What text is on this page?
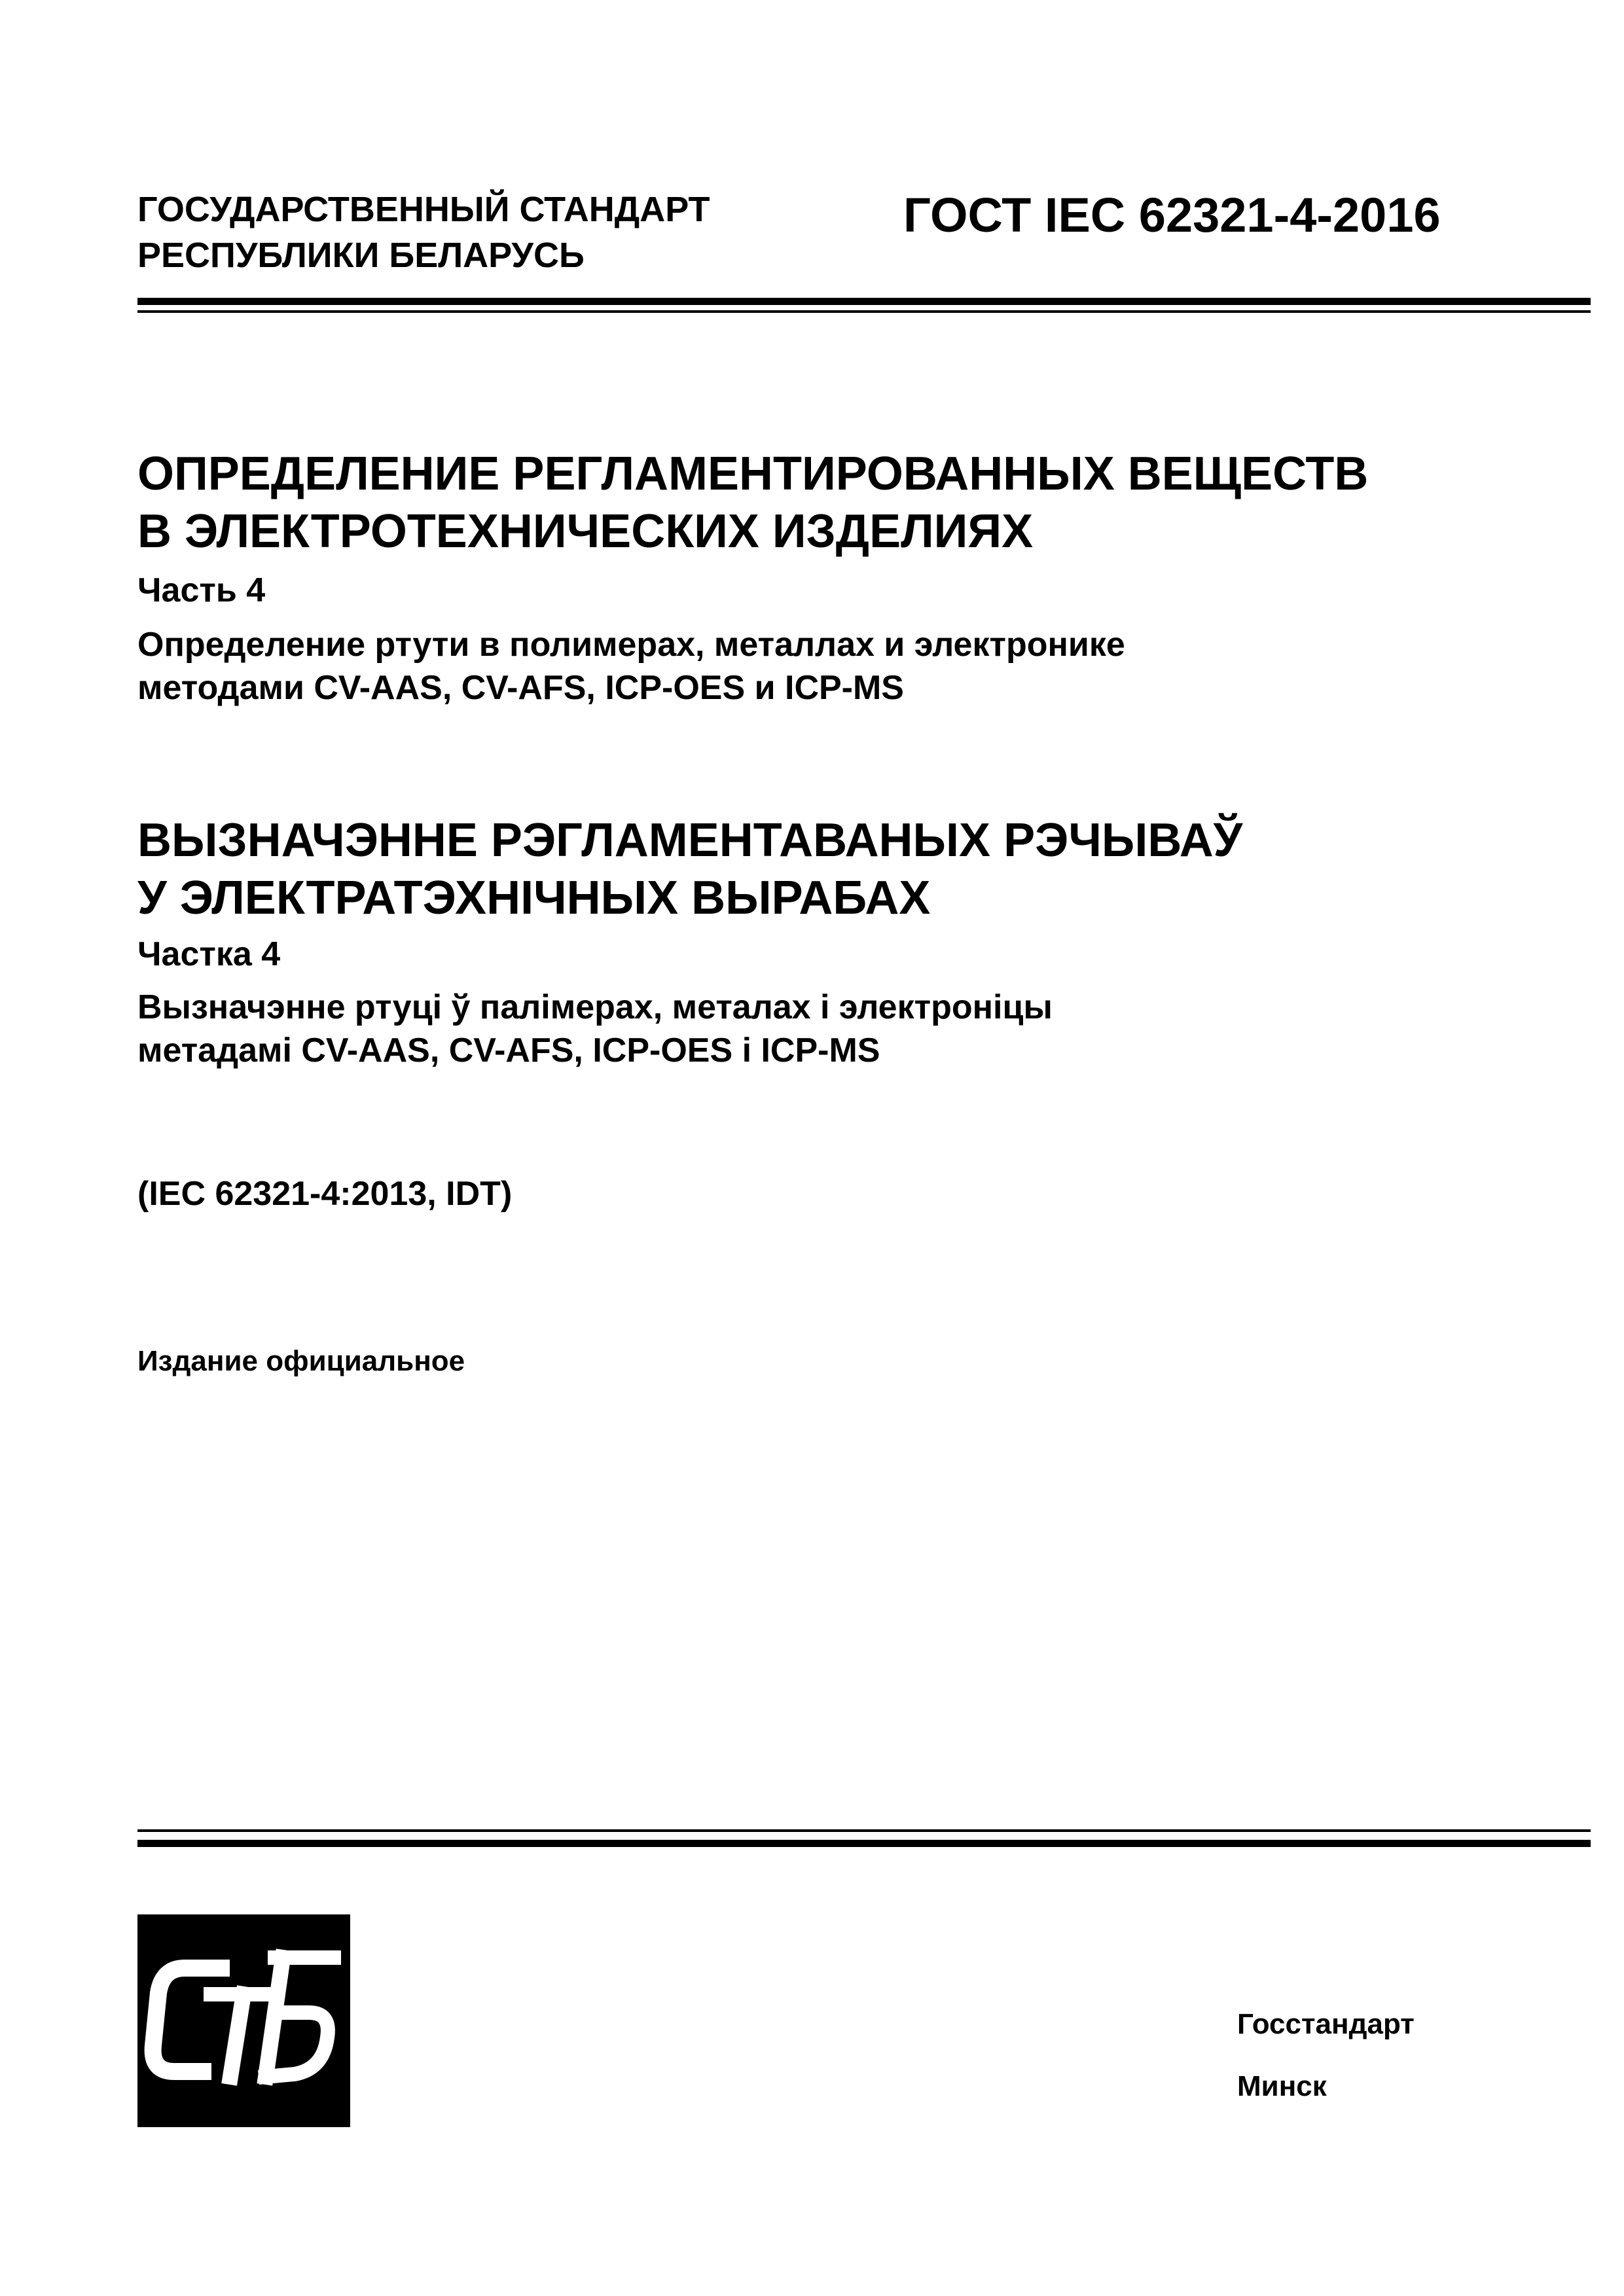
ГОСУДАРСТВЕННЫЙ СТАНДАРТ
РЕСПУБЛИКИ БЕЛАРУСЬ
ГОСТ IEC 62321-4-2016
ОПРЕДЕЛЕНИЕ РЕГЛАМЕНТИРОВАННЫХ ВЕЩЕСТВ
В ЭЛЕКТРОТЕХНИЧЕСКИХ ИЗДЕЛИЯХ
Часть 4
Определение ртути в полимерах, металлах и электронике
методами CV-AAS, CV-AFS, ICP-OES и ICP-MS
ВЫЗНАЧЭННЕ РЭГЛАМЕНТАВАНЫХ РЭЧЫВАЎ
У ЭЛЕКТРАТЭХНІЧНЫХ ВЫРАБАХ
Частка 4
Вызначэнне ртуці ў палімерах, металах і электроніцы
метадамі CV-AAS, CV-AFS, ICP-OES і ICP-MS
(IEC 62321-4:2013, IDT)
Издание официальное
Госстандарт
Минск
